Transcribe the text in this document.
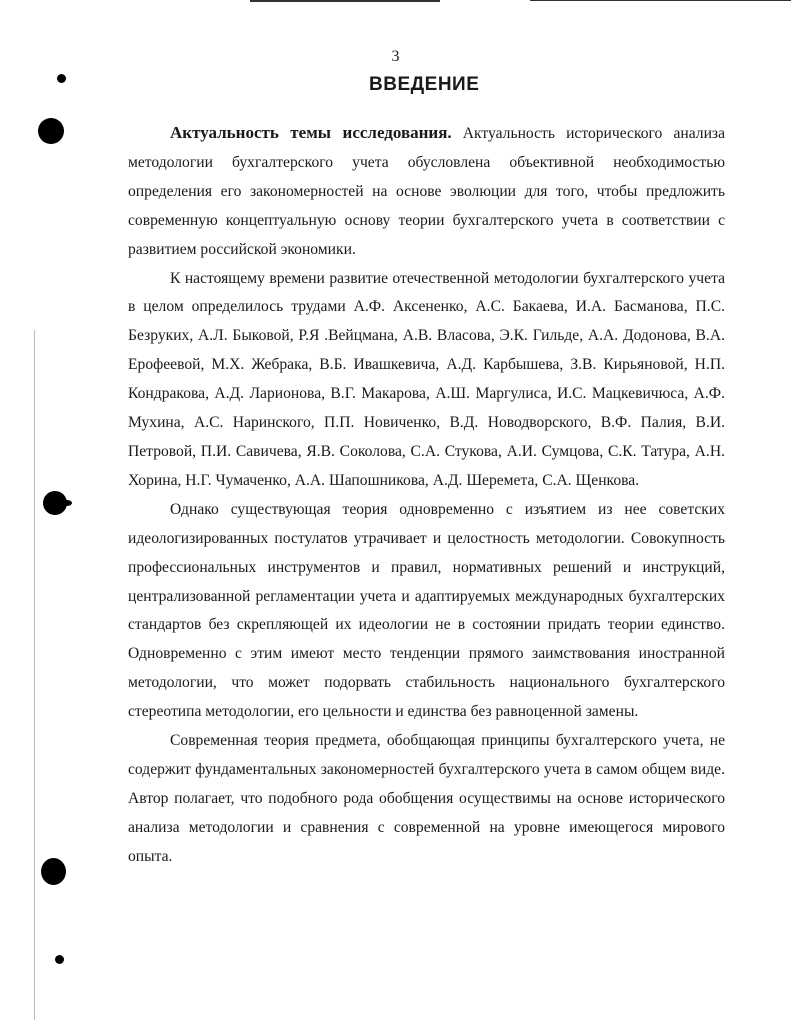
3
ВВЕДЕНИЕ

Актуальность темы исследования. Актуальность исторического анализа методологии бухгалтерского учета обусловлена объективной необходимостью определения его закономерностей на основе эволюции для того, чтобы предложить современную концептуальную основу теории бухгалтерского учета в соответствии с развитием российской экономики.

К настоящему времени развитие отечественной методологии бухгалтерского учета в целом определилось трудами А.Ф. Аксененко, А.С. Бакаева, И.А. Басманова, П.С. Безруких, А.Л. Быковой, Р.Я .Вейцмана, А.В. Власова, Э.К. Гильде, А.А. Додонова, В.А. Ерофеевой, М.Х. Жебрака, В.Б. Ивашкевича, А.Д. Карбышева, З.В. Кирьяновой, Н.П. Кондракова, А.Д. Ларионова, В.Г. Макарова, А.Ш. Маргулиса, И.С. Мацкевичюса, А.Ф. Мухина, А.С. Наринского, П.П. Новиченко, В.Д. Новодворского, В.Ф. Палия, В.И. Петровой, П.И. Савичева, Я.В. Соколова, С.А. Стукова, А.И. Сумцова, С.К. Татура, А.Н. Хорина, Н.Г. Чумаченко, А.А. Шапошникова, А.Д. Шеремета, С.А. Щенкова.

Однако существующая теория одновременно с изъятием из нее советских идеологизированных постулатов утрачивает и целостность методологии. Совокупность профессиональных инструментов и правил, нормативных решений и инструкций, централизованной регламентации учета и адаптируемых международных бухгалтерских стандартов без скрепляющей их идеологии не в состоянии придать теории единство. Одновременно с этим имеют место тенденции прямого заимствования иностранной методологии, что может подорвать стабильность национального бухгалтерского стереотипа методологии, его цельности и единства без равноценной замены.

Современная теория предмета, обобщающая принципы бухгалтерского учета, не содержит фундаментальных закономерностей бухгалтерского учета в самом общем виде. Автор полагает, что подобного рода обобщения осуществимы на основе исторического анализа методологии и сравнения с современной на уровне имеющегося мирового опыта.
